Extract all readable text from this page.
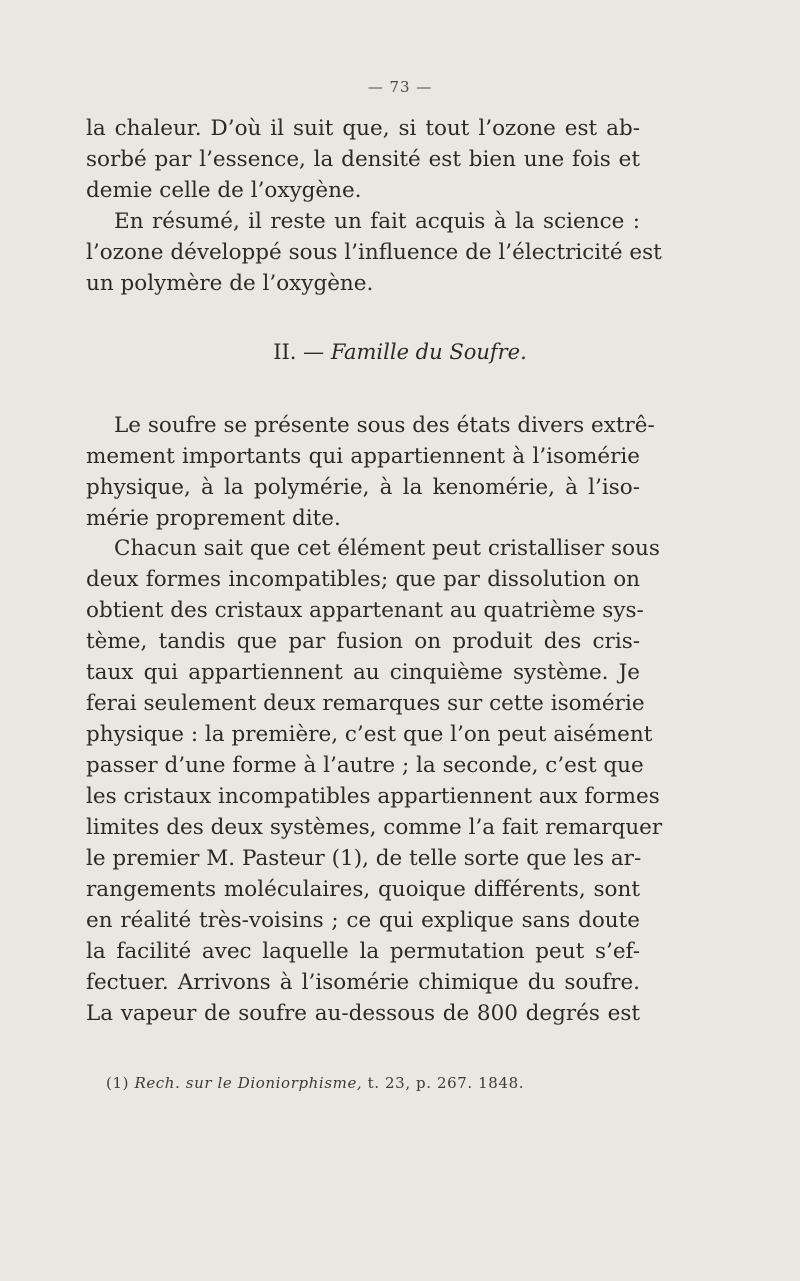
— 73 —
la chaleur. D’où il suit que, si tout l’ozone est ab-
sorbé par l’essence, la densité est bien une fois et
demie celle de l’oxygène.
En résumé, il reste un fait acquis à la science :
l’ozone développé sous l’influence de l’électricité est
un polymère de l’oxygène.
II. — Famille du Soufre.
Le soufre se présente sous des états divers extrê-
mement importants qui appartiennent à l’isomérie
physique, à la polymérie, à la kenomérie, à l’iso-
mérie proprement dite.
Chacun sait que cet élément peut cristalliser sous
deux formes incompatibles; que par dissolution on
obtient des cristaux appartenant au quatrième sys-
tème, tandis que par fusion on produit des cris-
taux qui appartiennent au cinquième système. Je
ferai seulement deux remarques sur cette isomérie
physique : la première, c’est que l’on peut aisément
passer d’une forme à l’autre ; la seconde, c’est que
les cristaux incompatibles appartiennent aux formes
limites des deux systèmes, comme l’a fait remarquer
le premier M. Pasteur (1), de telle sorte que les ar-
rangements moléculaires, quoique différents, sont
en réalité très-voisins ; ce qui explique sans doute
la facilité avec laquelle la permutation peut s’ef-
fectuer. Arrivons à l’isomérie chimique du soufre.
La vapeur de soufre au-dessous de 800 degrés est
(1) Rech. sur le Dioniorphisme, t. 23, p. 267. 1848.
